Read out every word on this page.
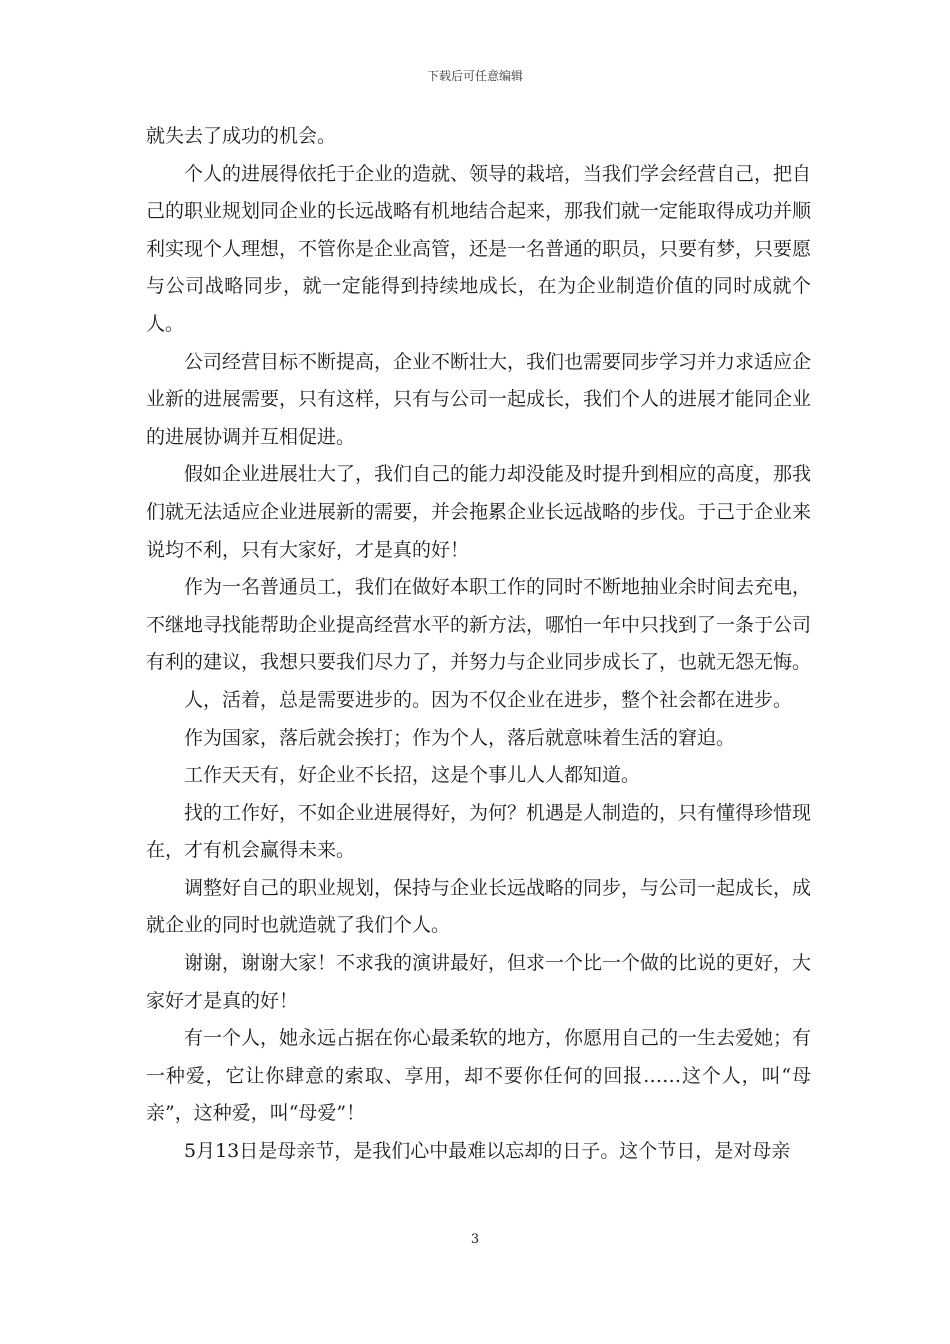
下载后可任意编辑

就失去了成功的机会。

个人的进展得依托于企业的造就、领导的栽培，当我们学会经营自己，把自己的职业规划同企业的长远战略有机地结合起来，那我们就一定能取得成功并顺利实现个人理想，不管你是企业高管，还是一名普通的职员，只要有梦，只要愿与公司战略同步，就一定能得到持续地成长，在为企业制造价值的同时成就个人。

公司经营目标不断提高，企业不断壮大，我们也需要同步学习并力求适应企业新的进展需要，只有这样，只有与公司一起成长，我们个人的进展才能同企业的进展协调并互相促进。

假如企业进展壮大了，我们自己的能力却没能及时提升到相应的高度，那我们就无法适应企业进展新的需要，并会拖累企业长远战略的步伐。于己于企业来说均不利，只有大家好，才是真的好！

作为一名普通员工，我们在做好本职工作的同时不断地抽业余时间去充电，不继地寻找能帮助企业提高经营水平的新方法，哪怕一年中只找到了一条于公司有利的建议，我想只要我们尽力了，并努力与企业同步成长了，也就无怨无悔。

人，活着，总是需要进步的。因为不仅企业在进步，整个社会都在进步。

作为国家，落后就会挨打；作为个人，落后就意味着生活的窘迫。

工作天天有，好企业不长招，这是个事儿人人都知道。

找的工作好，不如企业进展得好，为何？机遇是人制造的，只有懂得珍惜现在，才有机会赢得未来。

调整好自己的职业规划，保持与企业长远战略的同步，与公司一起成长，成就企业的同时也就造就了我们个人。

谢谢，谢谢大家！不求我的演讲最好，但求一个比一个做的比说的更好，大家好才是真的好！

有一个人，她永远占据在你心最柔软的地方，你愿用自己的一生去爱她；有一种爱，它让你肆意的索取、享用，却不要你任何的回报……这个人，叫“母亲”，这种爱，叫“母爱”！

5月13日是母亲节，是我们心中最难以忘却的日子。这个节日，是对母亲

3
